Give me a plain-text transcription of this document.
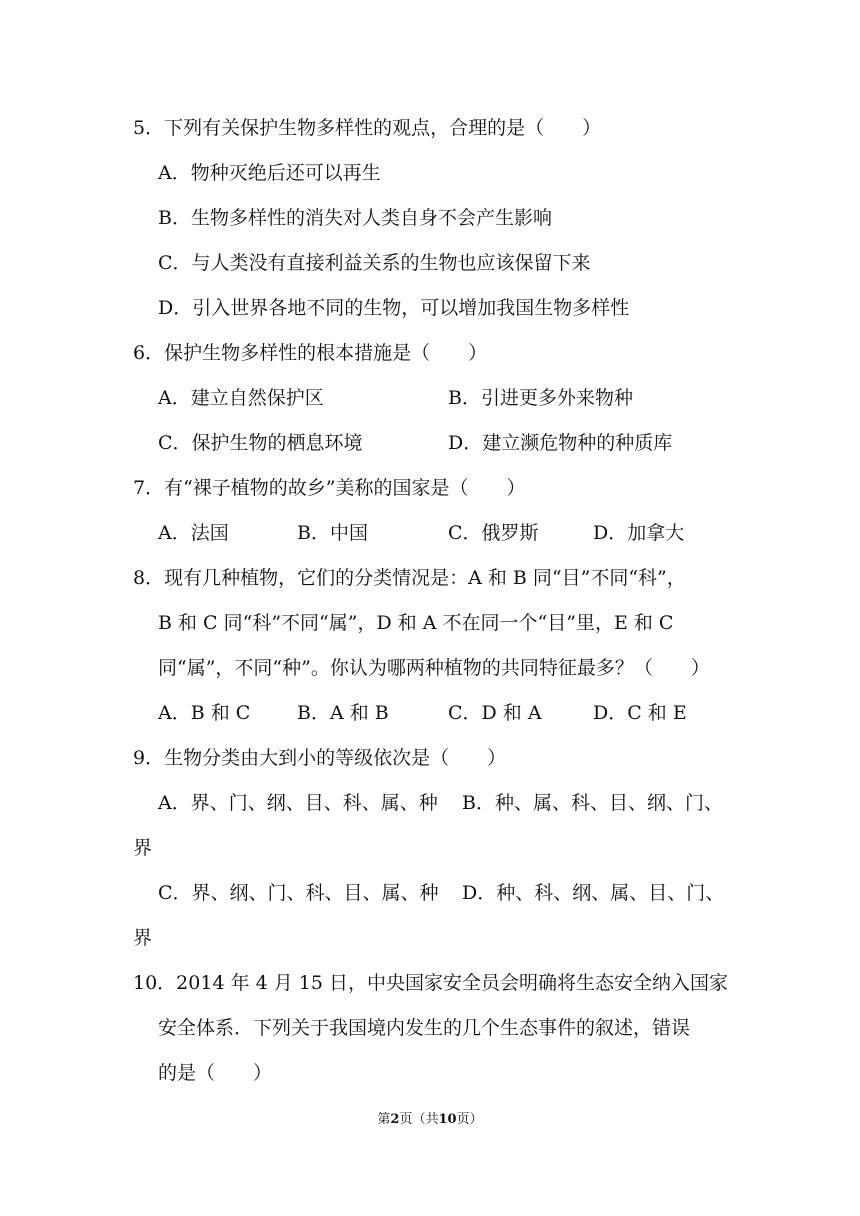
5．下列有关保护生物多样性的观点，合理的是（　　）
A．物种灭绝后还可以再生
B．生物多样性的消失对人类自身不会产生影响
C．与人类没有直接利益关系的生物也应该保留下来
D．引入世界各地不同的生物，可以增加我国生物多样性
6．保护生物多样性的根本措施是（　　）
A．建立自然保护区	B．引进更多外来物种
C．保护生物的栖息环境	D．建立濒危物种的种质库
7．有“裸子植物的故乡”美称的国家是（　　）
A．法国	B．中国	C．俄罗斯	D．加拿大
8．现有几种植物，它们的分类情况是：A 和 B 同“目”不同“科”，
B 和 C 同“科”不同“属”，D 和 A 不在同一个“目”里，E 和 C
同“属”，不同“种”。你认为哪两种植物的共同特征最多？（　　）
A．B 和 C B．A 和 B	C．D 和 A	D．C 和 E
9．生物分类由大到小的等级依次是（　　）
A．界、门、纲、目、科、属、种 B．种、属、科、目、纲、门、
界
C．界、纲、门、科、目、属、种 D．种、科、纲、属、目、门、
界
10．2014 年 4 月 15 日，中央国家安全员会明确将生态安全纳入国家
安全体系．下列关于我国境内发生的几个生态事件的叙述，错误
的是（　　）
第2页（共10页）
